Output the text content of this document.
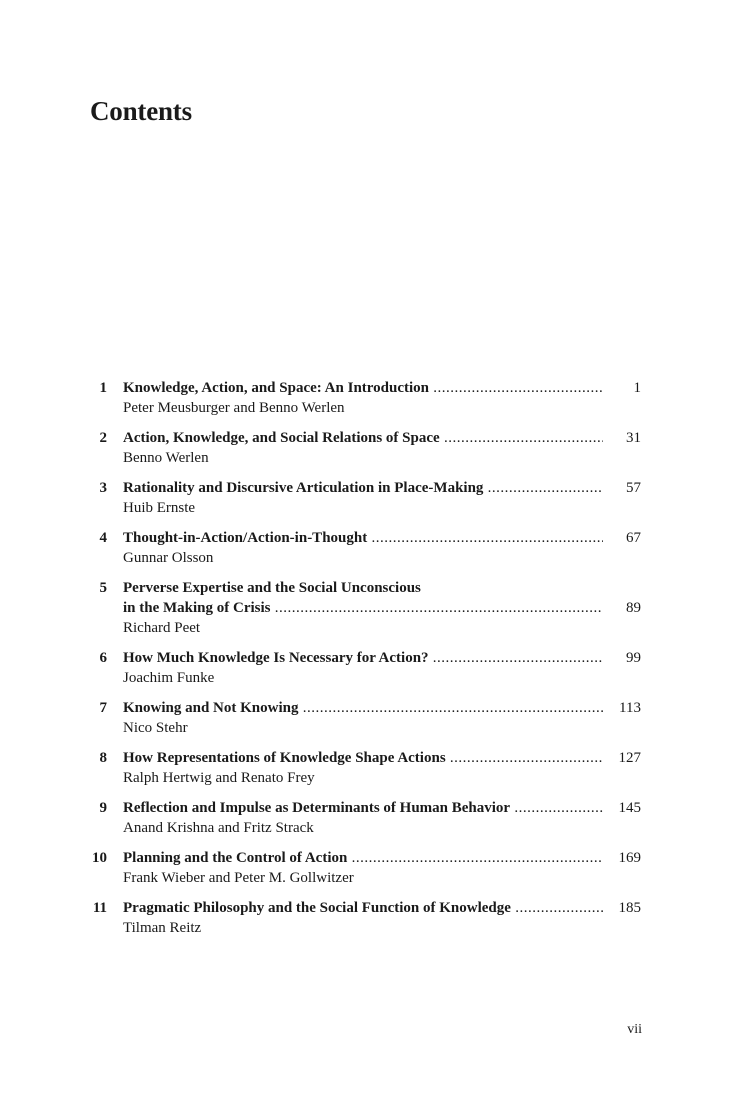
Contents
1 Knowledge, Action, and Space: An Introduction .....	1
Peter Meusburger and Benno Werlen
2 Action, Knowledge, and Social Relations of Space .....	31
Benno Werlen
3 Rationality and Discursive Articulation in Place-Making .....	57
Huib Ernste
4 Thought-in-Action/Action-in-Thought .....	67
Gunnar Olsson
5 Perverse Expertise and the Social Unconscious
in the Making of Crisis .....	89
Richard Peet
6 How Much Knowledge Is Necessary for Action? .....	99
Joachim Funke
7 Knowing and Not Knowing .....	113
Nico Stehr
8 How Representations of Knowledge Shape Actions .....	127
Ralph Hertwig and Renato Frey
9 Reflection and Impulse as Determinants of Human Behavior .....	145
Anand Krishna and Fritz Strack
10 Planning and the Control of Action .....	169
Frank Wieber and Peter M. Gollwitzer
11 Pragmatic Philosophy and the Social Function of Knowledge .....	185
Tilman Reitz
vii
